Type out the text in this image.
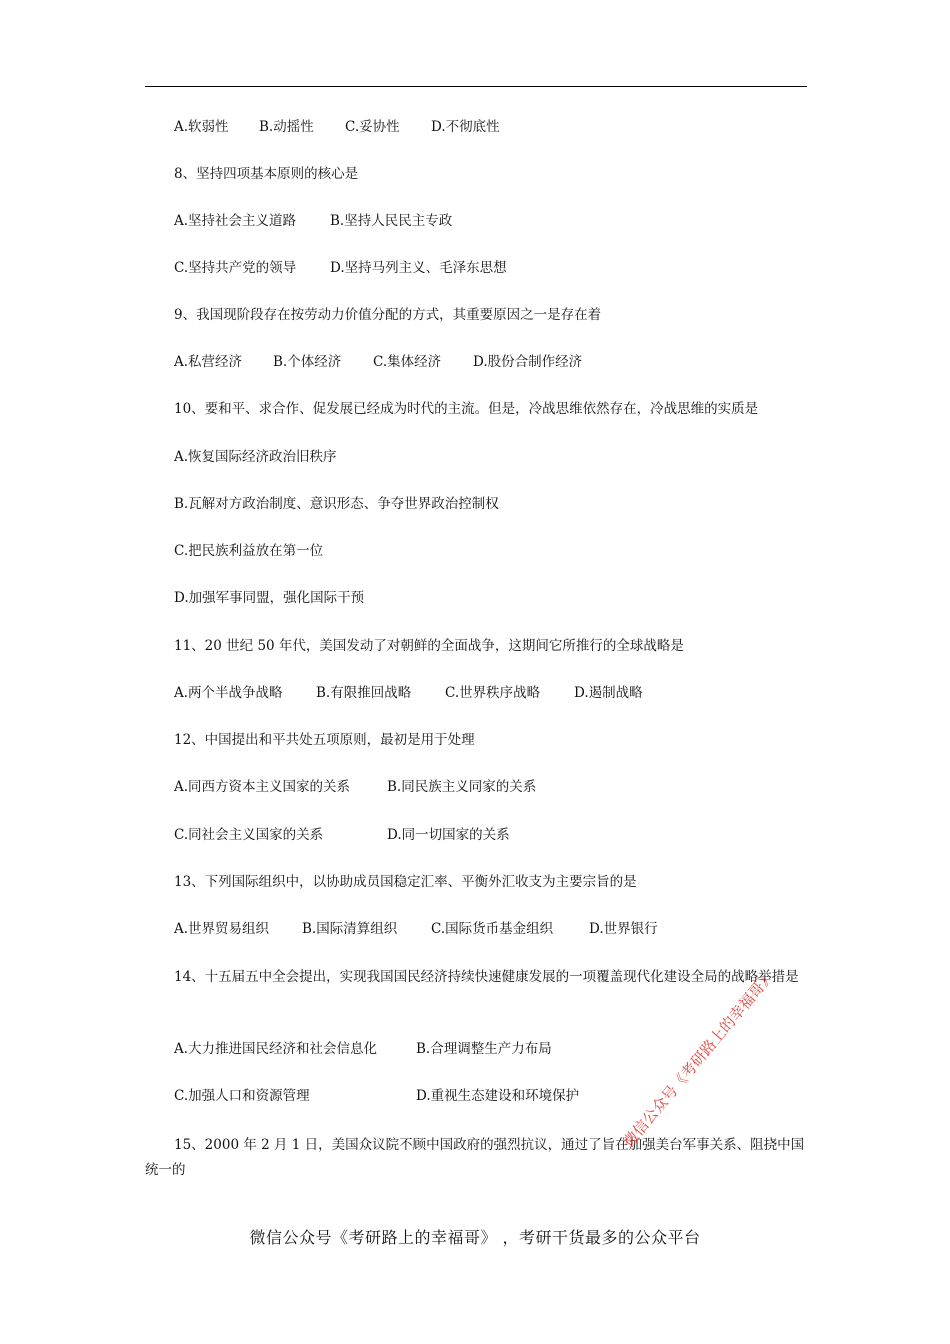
A.软弱性 B.动摇性 C.妥协性 D.不彻底性
8、坚持四项基本原则的核心是
A.坚持社会主义道路	B.坚持人民民主专政
C.坚持共产党的领导	D.坚持马列主义、毛泽东思想
9、我国现阶段存在按劳动力价值分配的方式，其重要原因之一是存在着
A.私营经济 B.个体经济 C.集体经济 D.股份合制作经济
10、要和平、求合作、促发展已经成为时代的主流。但是，冷战思维依然存在，冷战思维的实质是
A.恢复国际经济政治旧秩序
B.瓦解对方政治制度、意识形态、争夺世界政治控制权
C.把民族利益放在第一位
D.加强军事同盟，强化国际干预
11、20 世纪 50 年代，美国发动了对朝鲜的全面战争，这期间它所推行的全球战略是
A.两个半战争战略 B.有限推回战略	C.世界秩序战略	D.遏制战略
12、中国提出和平共处五项原则，最初是用于处理
A.同西方资本主义国家的关系	B.同民族主义同家的关系
C.同社会主义国家的关系	D.同一切国家的关系
13、下列国际组织中，以协助成员国稳定汇率、平衡外汇收支为主要宗旨的是
A.世界贸易组织 B.国际清算组织	C.国际货币基金组织	D.世界银行
14、十五届五中全会提出，实现我国国民经济持续快速健康发展的一项覆盖现代化建设全局的战略举措是
A.大力推进国民经济和社会信息化	B.合理调整生产力布局
C.加强人口和资源管理	D.重视生态建设和环境保护
15、2000 年 2 月 1 日，美国众议院不顾中国政府的强烈抗议，通过了旨在加强美台军事关系、阻挠中国统一的
微信公众号《考研路上的幸福哥》 ，考研干货最多的公众平台
微信公众号《考研路上的幸福哥》
